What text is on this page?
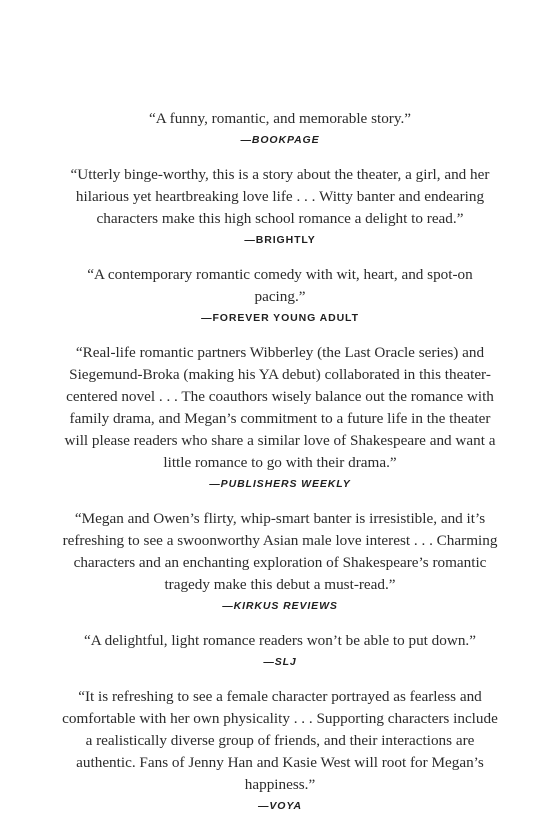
“A funny, romantic, and memorable story.”

—BOOKPAGE

“Utterly binge-worthy, this is a story about the theater, a girl, and her hilarious yet heartbreaking love life . . . Witty banter and endearing characters make this high school romance a delight to read.”

—BRIGHTLY

“A contemporary romantic comedy with wit, heart, and spot-on pacing.”

—FOREVER YOUNG ADULT

“Real-life romantic partners Wibberley (the Last Oracle series) and Siegemund-Broka (making his YA debut) collaborated in this theater-centered novel . . . The coauthors wisely balance out the romance with family drama, and Megan’s commitment to a future life in the theater will please readers who share a similar love of Shakespeare and want a little romance to go with their drama.”

—PUBLISHERS WEEKLY

“Megan and Owen’s flirty, whip-smart banter is irresistible, and it’s refreshing to see a swoonworthy Asian male love interest . . . Charming characters and an enchanting exploration of Shakespeare’s romantic tragedy make this debut a must-read.”

—KIRKUS REVIEWS

“A delightful, light romance readers won’t be able to put down.”

—SLJ

“It is refreshing to see a female character portrayed as fearless and comfortable with her own physicality . . . Supporting characters include a realistically diverse group of friends, and their interactions are authentic. Fans of Jenny Han and Kasie West will root for Megan’s happiness.”

—VOYA
